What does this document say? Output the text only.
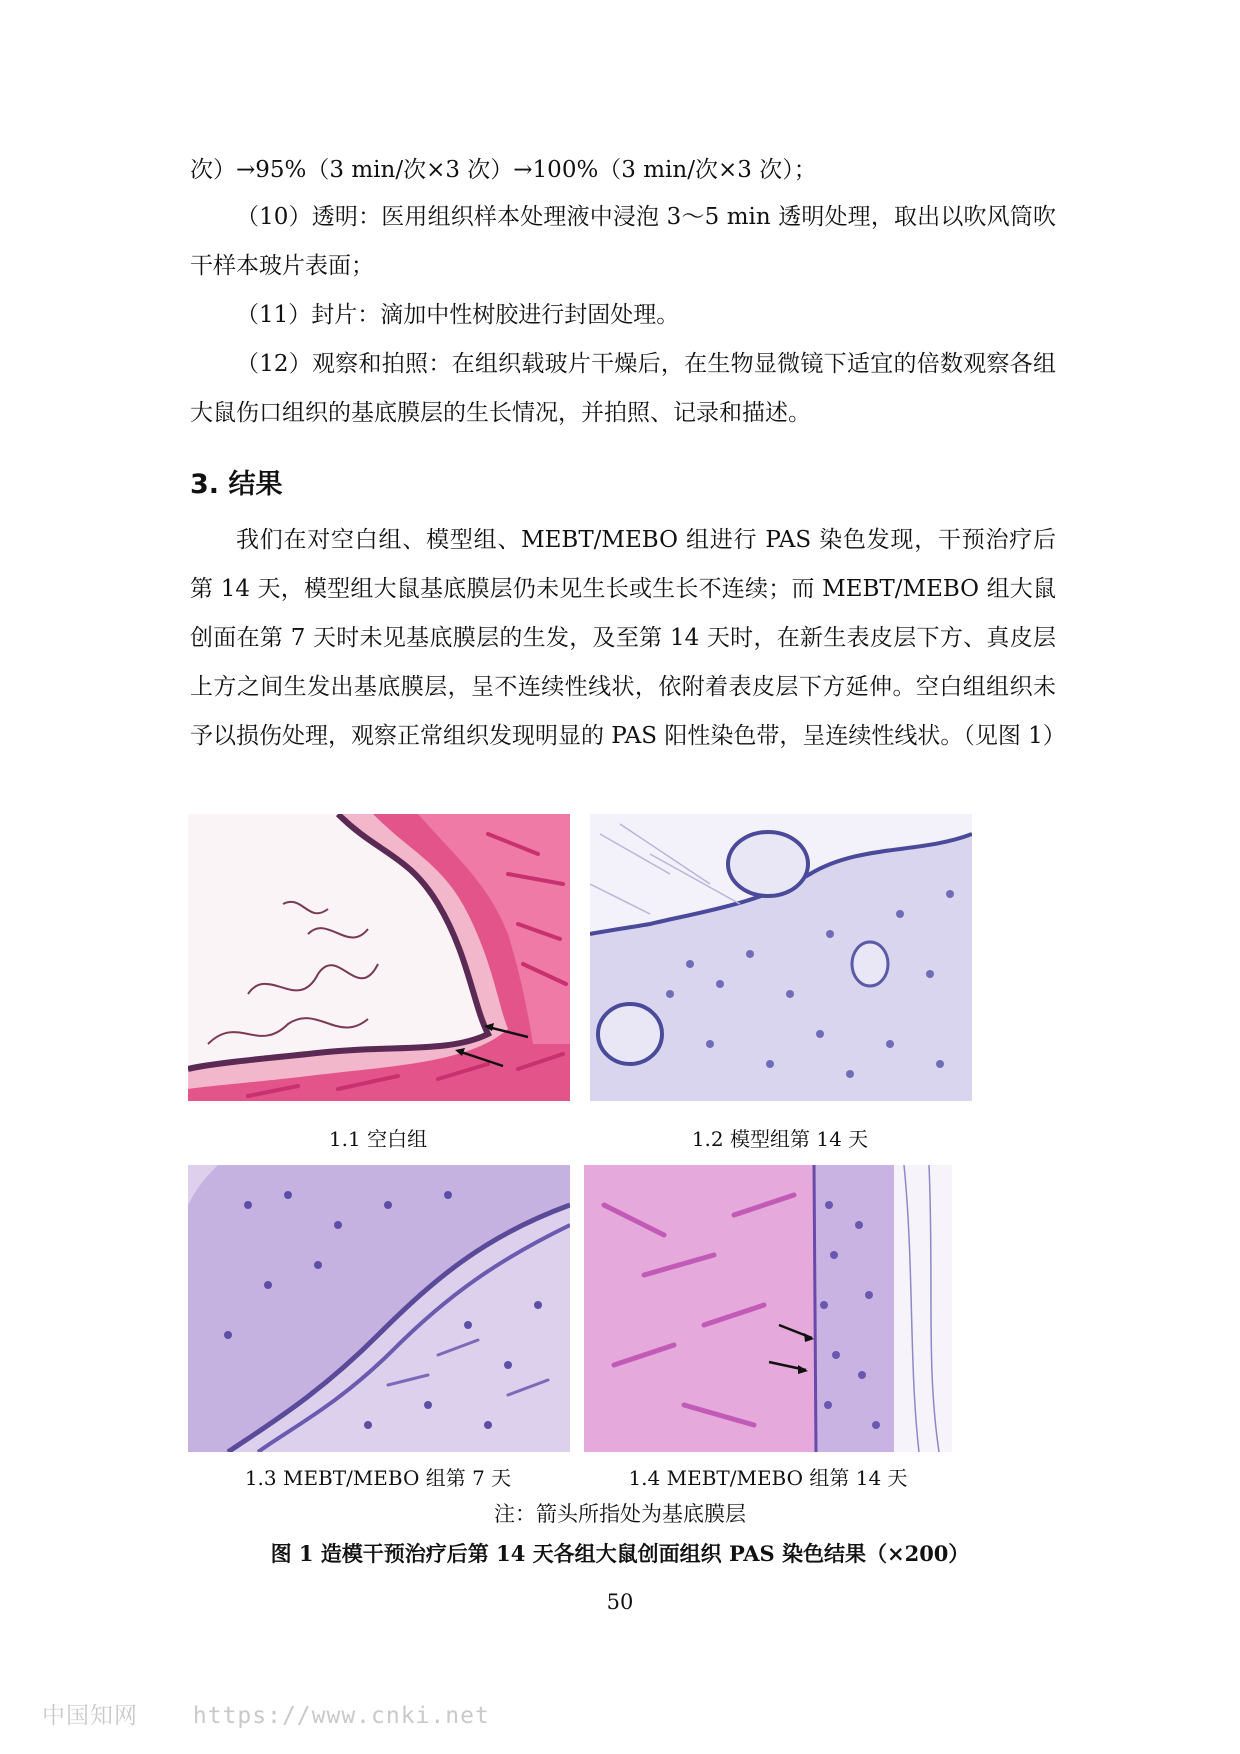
次）→95%（3 min/次×3 次）→100%（3 min/次×3 次）；

（10）透明：医用组织样本处理液中浸泡 3～5 min 透明处理，取出以吹风筒吹干样本玻片表面；

（11）封片：滴加中性树胶进行封固处理。

（12）观察和拍照：在组织载玻片干燥后，在生物显微镜下适宜的倍数观察各组大鼠伤口组织的基底膜层的生长情况，并拍照、记录和描述。

3. 结果

我们在对空白组、模型组、MEBT/MEBO 组进行 PAS 染色发现，干预治疗后第 14 天，模型组大鼠基底膜层仍未见生长或生长不连续；而 MEBT/MEBO 组大鼠创面在第 7 天时未见基底膜层的生发，及至第 14 天时，在新生表皮层下方、真皮层上方之间生发出基底膜层，呈不连续性线状，依附着表皮层下方延伸。空白组组织未予以损伤处理，观察正常组织发现明显的 PAS 阳性染色带，呈连续性线状。（见图 1）

1.1 空白组	1.2 模型组第 14 天
1.3 MEBT/MEBO 组第 7 天	1.4 MEBT/MEBO 组第 14 天
注：箭头所指处为基底膜层
图 1 造模干预治疗后第 14 天各组大鼠创面组织 PAS 染色结果（×200）
50
中国知网 https://www.cnki.net
